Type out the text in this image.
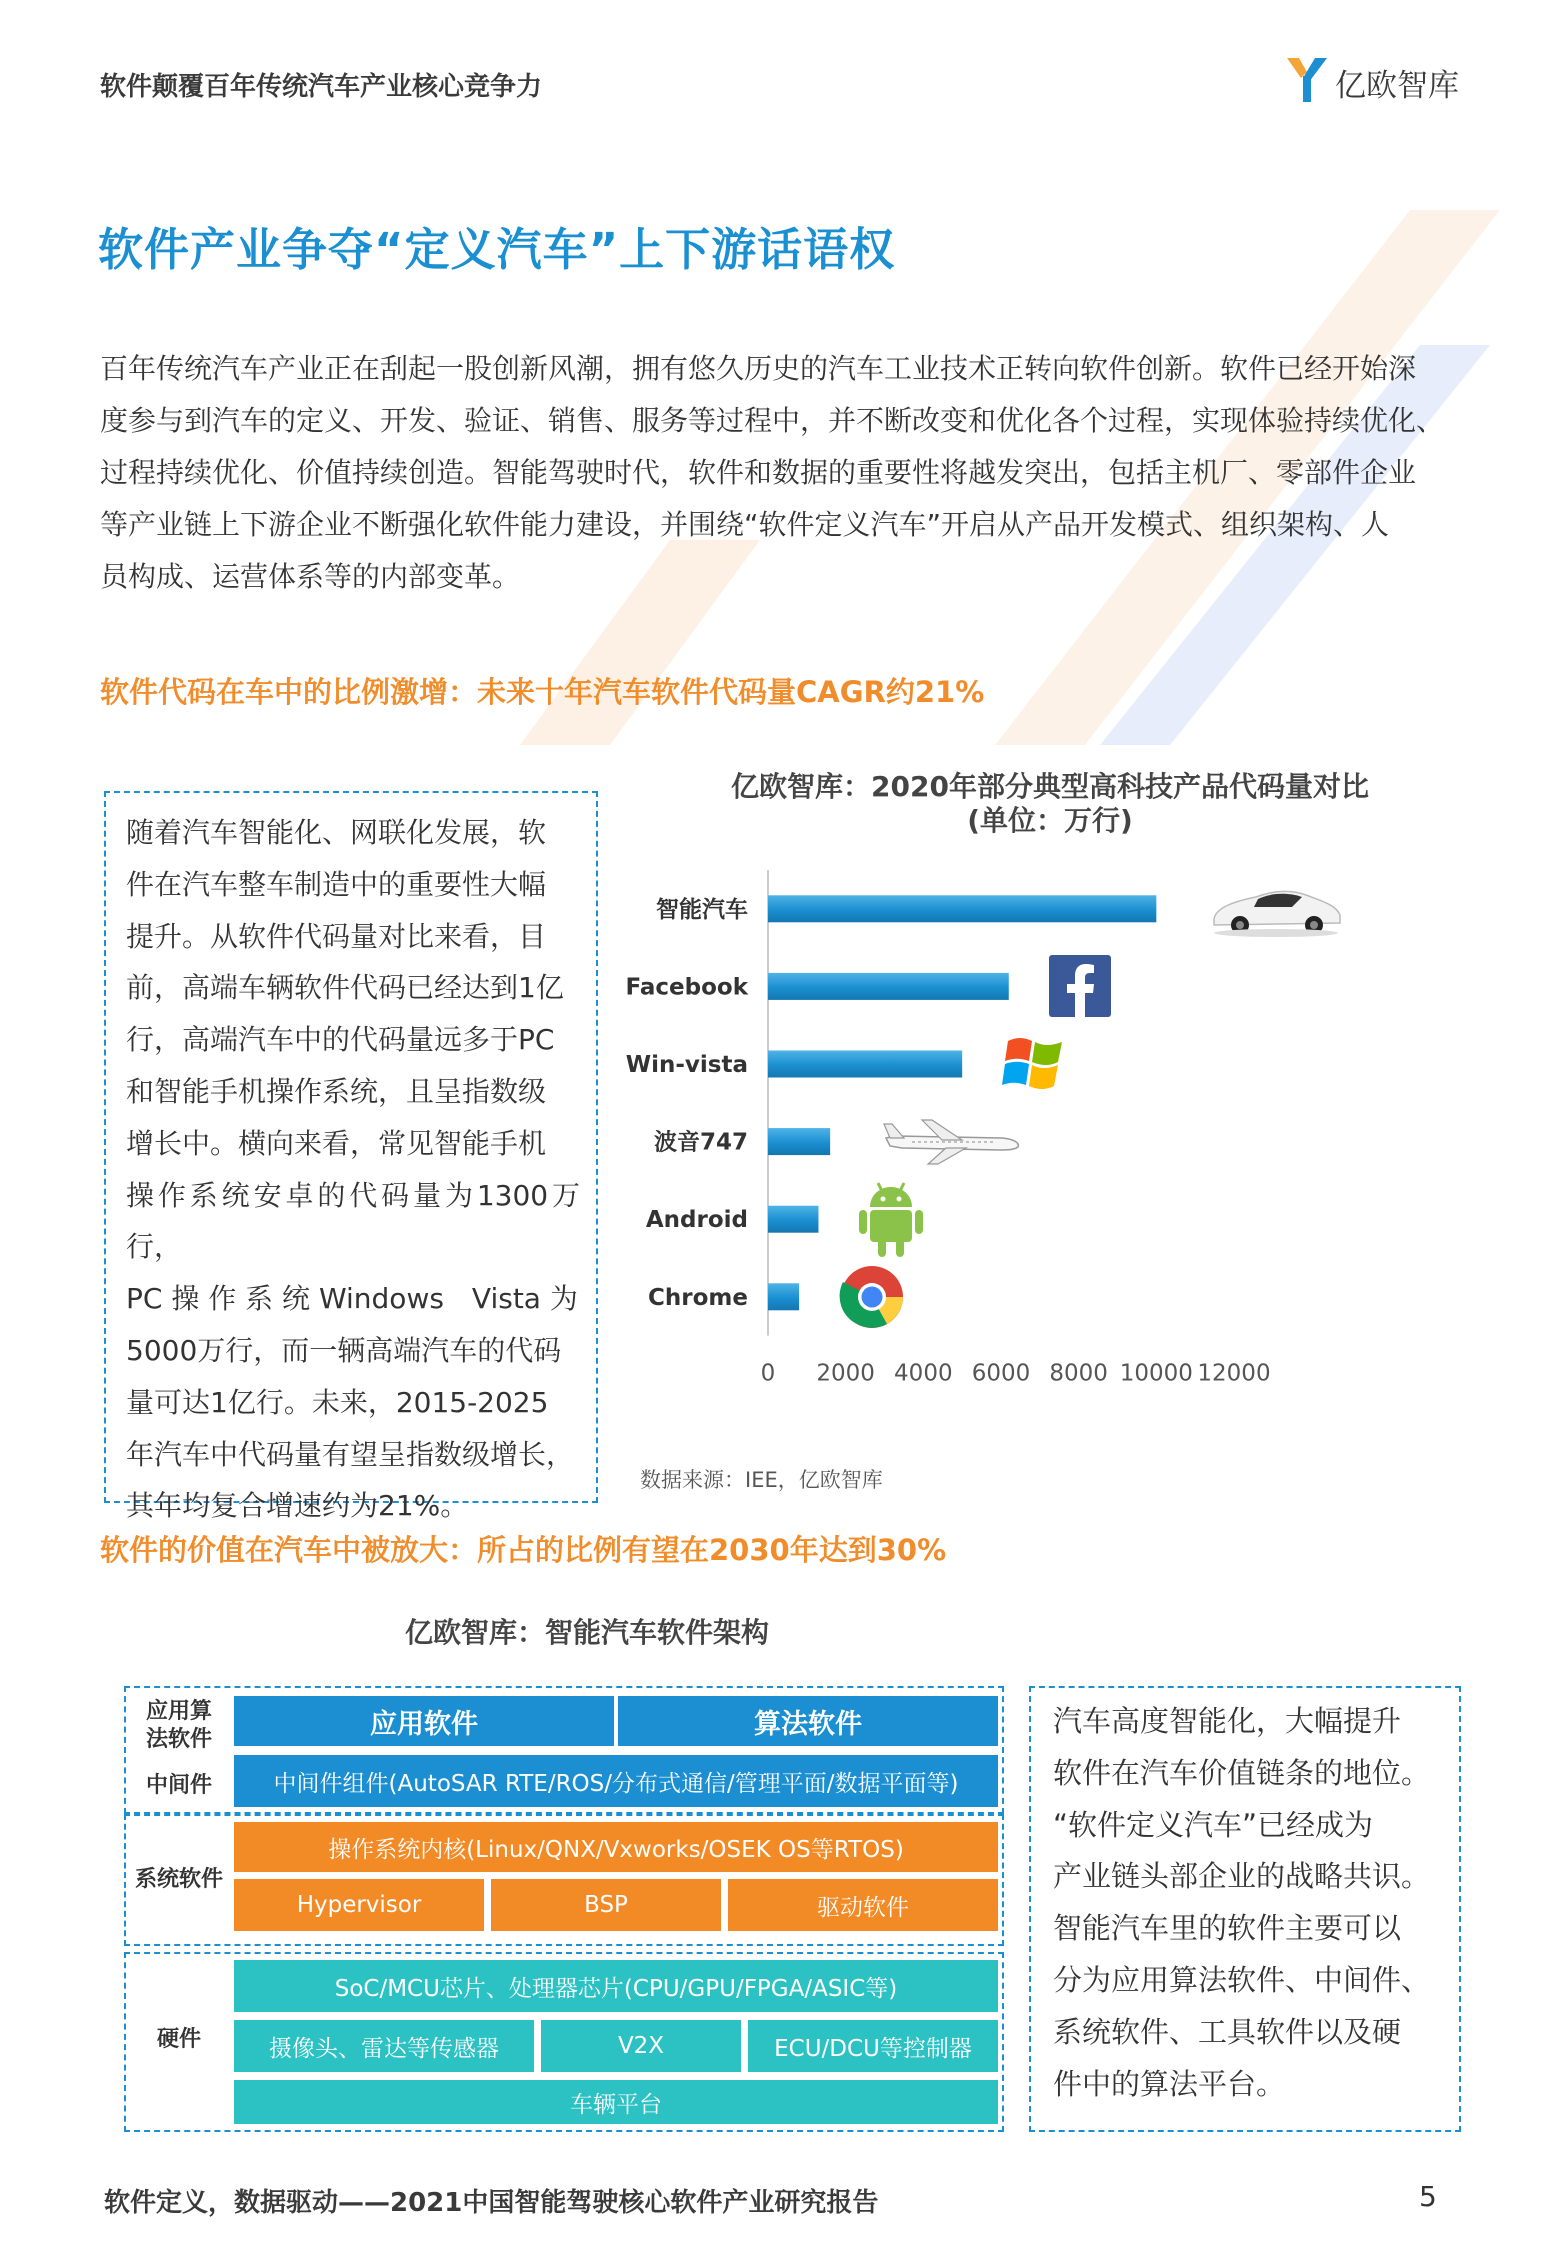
软件颠覆百年传统汽车产业核心竞争力	亿欧智库
软件产业争夺“定义汽车”上下游话语权

百年传统汽车产业正在刮起一股创新风潮，拥有悠久历史的汽车工业技术正转向软件创新。软件已经开始深

度参与到汽车的定义、开发、验证、销售、服务等过程中，并不断改变和优化各个过程，实现体验持续优化、

过程持续优化、价值持续创造。智能驾驶时代，软件和数据的重要性将越发突出，包括主机厂、零部件企业

等产业链上下游企业不断强化软件能力建设，并围绕“软件定义汽车”开启从产品开发模式、组织架构、人

员构成、运营体系等的内部变革。

软件代码在车中的比例激增：未来十年汽车软件代码量CAGR约21%
随着汽车智能化、网联化发展，软
件在汽车整车制造中的重要性大幅
提升。从软件代码量对比来看，目
前，高端车辆软件代码已经达到1亿
行，高端汽车中的代码量远多于PC
和智能手机操作系统，且呈指数级
增长中。横向来看，常见智能手机
操作系统安卓的代码量为1300万行，
PC 操 作 系 统 Windows　Vista 为
5000万行，而一辆高端汽车的代码
量可达1亿行。未来，2015-2025
年汽车中代码量有望呈指数级增长，
其年均复合增速约为21%。
亿欧智库：2020年部分典型高科技产品代码量对比
(单位：万行)
智能汽车
Facebook
Win-vista
波音747
Android
Chrome
0 2000 4000 6000 8000 10000 12000
数据来源：IEE，亿欧智库
软件的价值在汽车中被放大：所占的比例有望在2030年达到30%
亿欧智库：智能汽车软件架构
应用算
法软件
中间件
应用软件	算法软件
中间件组件(AutoSAR RTE/ROS/分布式通信/管理平面/数据平面等)
系统软件
操作系统内核(Linux/QNX/Vxworks/OSEK OS等RTOS)
Hypervisor	BSP	驱动软件
硬件
SoC/MCU芯片、处理器芯片(CPU/GPU/FPGA/ASIC等)
摄像头、雷达等传感器	V2X	ECU/DCU等控制器
车辆平台
汽车高度智能化，大幅提升
软件在汽车价值链条的地位。
“软件定义汽车”已经成为
产业链头部企业的战略共识。
智能汽车里的软件主要可以
分为应用算法软件、中间件、
系统软件、工具软件以及硬
件中的算法平台。
软件定义，数据驱动——2021中国智能驾驶核心软件产业研究报告	5
